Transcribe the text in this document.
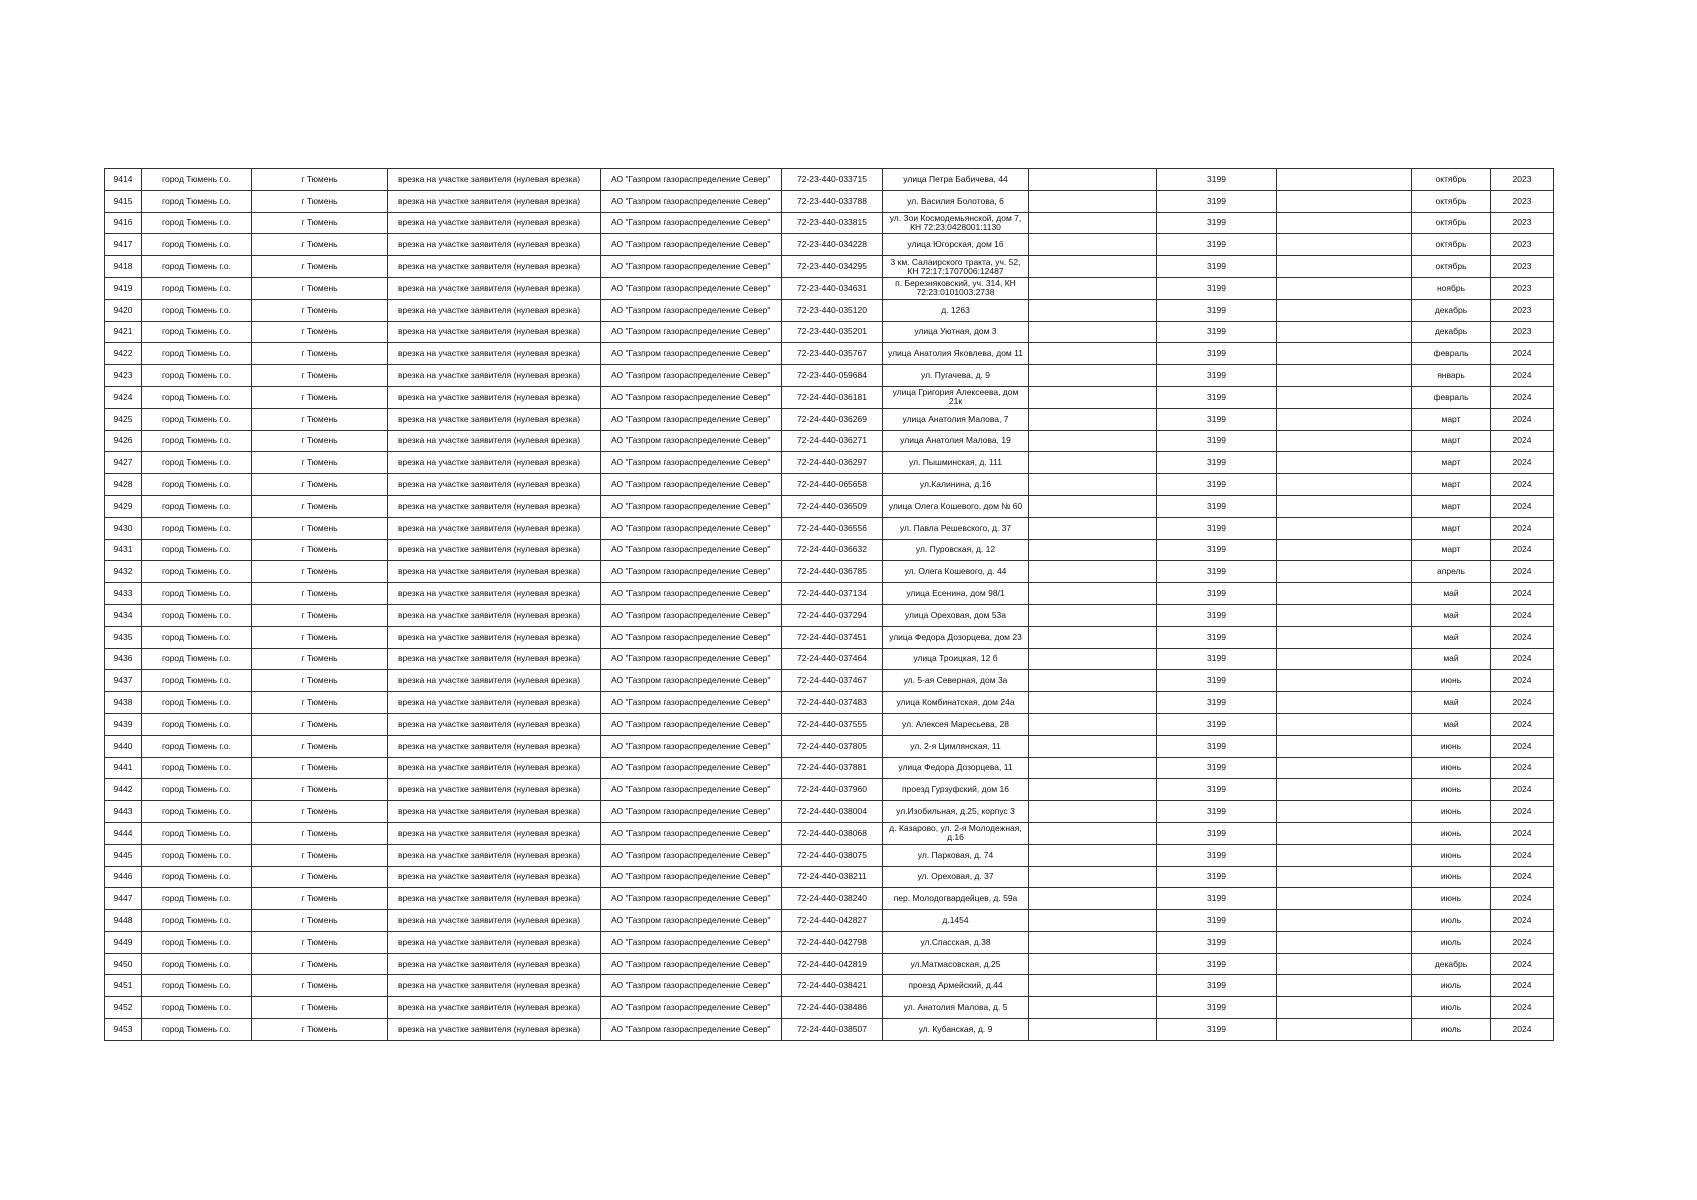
9414	город Тюмень г.о.	г Тюмень	врезка на участке заявителя (нулевая врезка)	АО "Газпром газораспределение Север"	72-23-440-033715	улица Петра Бабичева, 44		3199		октябрь	2023
9415	город Тюмень г.о.	г Тюмень	врезка на участке заявителя (нулевая врезка)	АО "Газпром газораспределение Север"	72-23-440-033788	ул. Василия Болотова, 6		3199		октябрь	2023
9416	город Тюмень г.о.	г Тюмень	врезка на участке заявителя (нулевая врезка)	АО "Газпром газораспределение Север"	72-23-440-033815	ул. Зои Космодемьянской, дом 7, КН 72:23:0428001:1130		3199		октябрь	2023
9417	город Тюмень г.о.	г Тюмень	врезка на участке заявителя (нулевая врезка)	АО "Газпром газораспределение Север"	72-23-440-034228	улица Югорская, дом 16		3199		октябрь	2023
9418	город Тюмень г.о.	г Тюмень	врезка на участке заявителя (нулевая врезка)	АО "Газпром газораспределение Север"	72-23-440-034295	3 км. Салаирского тракта, уч. 52, КН 72:17:1707006:12487		3199		октябрь	2023
9419	город Тюмень г.о.	г Тюмень	врезка на участке заявителя (нулевая врезка)	АО "Газпром газораспределение Север"	72-23-440-034631	п. Березняковский, уч. 314, КН 72:23:0101003:2738		3199		ноябрь	2023
9420	город Тюмень г.о.	г Тюмень	врезка на участке заявителя (нулевая врезка)	АО "Газпром газораспределение Север"	72-23-440-035120	д. 1263		3199		декабрь	2023
9421	город Тюмень г.о.	г Тюмень	врезка на участке заявителя (нулевая врезка)	АО "Газпром газораспределение Север"	72-23-440-035201	улица Уютная, дом 3		3199		декабрь	2023
9422	город Тюмень г.о.	г Тюмень	врезка на участке заявителя (нулевая врезка)	АО "Газпром газораспределение Север"	72-23-440-035767	улица Анатолия Яковлева, дом 11		3199		февраль	2024
9423	город Тюмень г.о.	г Тюмень	врезка на участке заявителя (нулевая врезка)	АО "Газпром газораспределение Север"	72-23-440-059684	ул. Пугачева, д. 9		3199		январь	2024
9424	город Тюмень г.о.	г Тюмень	врезка на участке заявителя (нулевая врезка)	АО "Газпром газораспределение Север"	72-24-440-036181	улица Григория Алексеева, дом 21к		3199		февраль	2024
9425	город Тюмень г.о.	г Тюмень	врезка на участке заявителя (нулевая врезка)	АО "Газпром газораспределение Север"	72-24-440-036269	улица Анатолия Малова, 7		3199		март	2024
9426	город Тюмень г.о.	г Тюмень	врезка на участке заявителя (нулевая врезка)	АО "Газпром газораспределение Север"	72-24-440-036271	улица Анатолия Малова, 19		3199		март	2024
9427	город Тюмень г.о.	г Тюмень	врезка на участке заявителя (нулевая врезка)	АО "Газпром газораспределение Север"	72-24-440-036297	ул. Пышминская, д. 111		3199		март	2024
9428	город Тюмень г.о.	г Тюмень	врезка на участке заявителя (нулевая врезка)	АО "Газпром газораспределение Север"	72-24-440-065658	ул.Калинина, д.16		3199		март	2024
9429	город Тюмень г.о.	г Тюмень	врезка на участке заявителя (нулевая врезка)	АО "Газпром газораспределение Север"	72-24-440-036509	улица Олега Кошевого, дом № 60		3199		март	2024
9430	город Тюмень г.о.	г Тюмень	врезка на участке заявителя (нулевая врезка)	АО "Газпром газораспределение Север"	72-24-440-036556	ул. Павла Решевского, д. 37		3199		март	2024
9431	город Тюмень г.о.	г Тюмень	врезка на участке заявителя (нулевая врезка)	АО "Газпром газораспределение Север"	72-24-440-036632	ул. Пуровская, д. 12		3199		март	2024
9432	город Тюмень г.о.	г Тюмень	врезка на участке заявителя (нулевая врезка)	АО "Газпром газораспределение Север"	72-24-440-036785	ул. Олега Кошевого, д. 44		3199		апрель	2024
9433	город Тюмень г.о.	г Тюмень	врезка на участке заявителя (нулевая врезка)	АО "Газпром газораспределение Север"	72-24-440-037134	улица Есенина, дом 98/1		3199		май	2024
9434	город Тюмень г.о.	г Тюмень	врезка на участке заявителя (нулевая врезка)	АО "Газпром газораспределение Север"	72-24-440-037294	улица Ореховая, дом 53а		3199		май	2024
9435	город Тюмень г.о.	г Тюмень	врезка на участке заявителя (нулевая врезка)	АО "Газпром газораспределение Север"	72-24-440-037451	улица Федора Дозорцева, дом 23		3199		май	2024
9436	город Тюмень г.о.	г Тюмень	врезка на участке заявителя (нулевая врезка)	АО "Газпром газораспределение Север"	72-24-440-037464	улица Троицкая, 12 б		3199		май	2024
9437	город Тюмень г.о.	г Тюмень	врезка на участке заявителя (нулевая врезка)	АО "Газпром газораспределение Север"	72-24-440-037467	ул. 5-ая Северная, дом 3а		3199		июнь	2024
9438	город Тюмень г.о.	г Тюмень	врезка на участке заявителя (нулевая врезка)	АО "Газпром газораспределение Север"	72-24-440-037483	улица Комбинатская, дом 24а		3199		май	2024
9439	город Тюмень г.о.	г Тюмень	врезка на участке заявителя (нулевая врезка)	АО "Газпром газораспределение Север"	72-24-440-037555	ул. Алексея Маресьева, 28		3199		май	2024
9440	город Тюмень г.о.	г Тюмень	врезка на участке заявителя (нулевая врезка)	АО "Газпром газораспределение Север"	72-24-440-037805	ул. 2-я Цимлянская, 11		3199		июнь	2024
9441	город Тюмень г.о.	г Тюмень	врезка на участке заявителя (нулевая врезка)	АО "Газпром газораспределение Север"	72-24-440-037881	улица Федора Дозорцева, 11		3199		июнь	2024
9442	город Тюмень г.о.	г Тюмень	врезка на участке заявителя (нулевая врезка)	АО "Газпром газораспределение Север"	72-24-440-037960	проезд Гурзуфский, дом 16		3199		июнь	2024
9443	город Тюмень г.о.	г Тюмень	врезка на участке заявителя (нулевая врезка)	АО "Газпром газораспределение Север"	72-24-440-038004	ул.Изобильная, д.25, корпус 3		3199		июнь	2024
9444	город Тюмень г.о.	г Тюмень	врезка на участке заявителя (нулевая врезка)	АО "Газпром газораспределение Север"	72-24-440-038068	д. Казарово, ул. 2-я Молодежная, д.16		3199		июнь	2024
9445	город Тюмень г.о.	г Тюмень	врезка на участке заявителя (нулевая врезка)	АО "Газпром газораспределение Север"	72-24-440-038075	ул. Парковая, д. 74		3199		июнь	2024
9446	город Тюмень г.о.	г Тюмень	врезка на участке заявителя (нулевая врезка)	АО "Газпром газораспределение Север"	72-24-440-038211	ул. Ореховая, д. 37		3199		июнь	2024
9447	город Тюмень г.о.	г Тюмень	врезка на участке заявителя (нулевая врезка)	АО "Газпром газораспределение Север"	72-24-440-038240	пер. Молодогвардейцев, д. 59а		3199		июнь	2024
9448	город Тюмень г.о.	г Тюмень	врезка на участке заявителя (нулевая врезка)	АО "Газпром газораспределение Север"	72-24-440-042827	д.1454		3199		июль	2024
9449	город Тюмень г.о.	г Тюмень	врезка на участке заявителя (нулевая врезка)	АО "Газпром газораспределение Север"	72-24-440-042798	ул.Спасская, д.38		3199		июль	2024
9450	город Тюмень г.о.	г Тюмень	врезка на участке заявителя (нулевая врезка)	АО "Газпром газораспределение Север"	72-24-440-042819	ул.Матмасовская, д.25		3199		декабрь	2024
9451	город Тюмень г.о.	г Тюмень	врезка на участке заявителя (нулевая врезка)	АО "Газпром газораспределение Север"	72-24-440-038421	проезд Армейский, д.44		3199		июль	2024
9452	город Тюмень г.о.	г Тюмень	врезка на участке заявителя (нулевая врезка)	АО "Газпром газораспределение Север"	72-24-440-038486	ул. Анатолия Малова, д. 5		3199		июль	2024
9453	город Тюмень г.о.	г Тюмень	врезка на участке заявителя (нулевая врезка)	АО "Газпром газораспределение Север"	72-24-440-038507	ул. Кубанская, д. 9		3199		июль	2024
